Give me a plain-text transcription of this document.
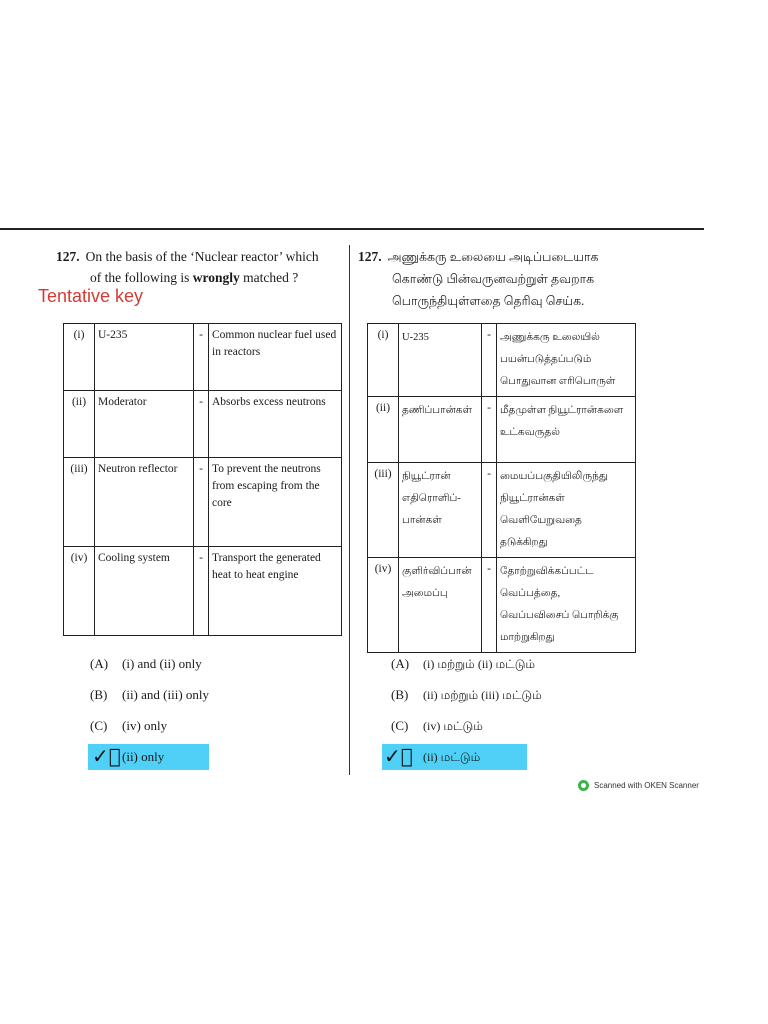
127. On the basis of the ‘Nuclear reactor’ which
of the following is wrongly matched ?
127. அணுக்கரு உலையை அடிப்படையாக
கொண்டு பின்வருனவற்றுள் தவறாக
பொருந்தியுள்ளதை தெரிவு செய்க.
Tentative key
(i)	U-235	-	Common nuclear fuel used in reactors
(ii)	Moderator	-	Absorbs excess neutrons
(iii)	Neutron reflector	-	To prevent the neutrons from escaping from the core
(iv)	Cooling system	-	Transport the generated heat to heat engine
(i)	U-235	-	அணுக்கரு உலையில் பயன்படுத்தப்படும் பொதுவான எரிபொருள்
(ii)	தணிப்பான்கள்	-	மீதமுள்ள நியூட்ரான்களை உட்கவருதல்
(iii)	நியூட்ரான் எதிரொளிப்- பான்கள்	-	மையப்பகுதியிலிருந்து நியூட்ரான்கள் வெளியேறுவதை தடுக்கிறது
(iv)	குளிர்விப்பான் அமைப்பு	-	தோற்றுவிக்கப்பட்ட வெப்பத்தை, வெப்பவிசைப் பொறிக்கு மாற்றுகிறது
(A) (i) and (ii) only
(B) (ii) and (iii) only
(C) (iv) only
(ii) only
(A) (i) மற்றும் (ii) மட்டும்
(B) (ii) மற்றும் (iii) மட்டும்
(C) (iv) மட்டும்
(ii) மட்டும்
✓⃝	✓⃝
Scanned with OKEN Scanner
